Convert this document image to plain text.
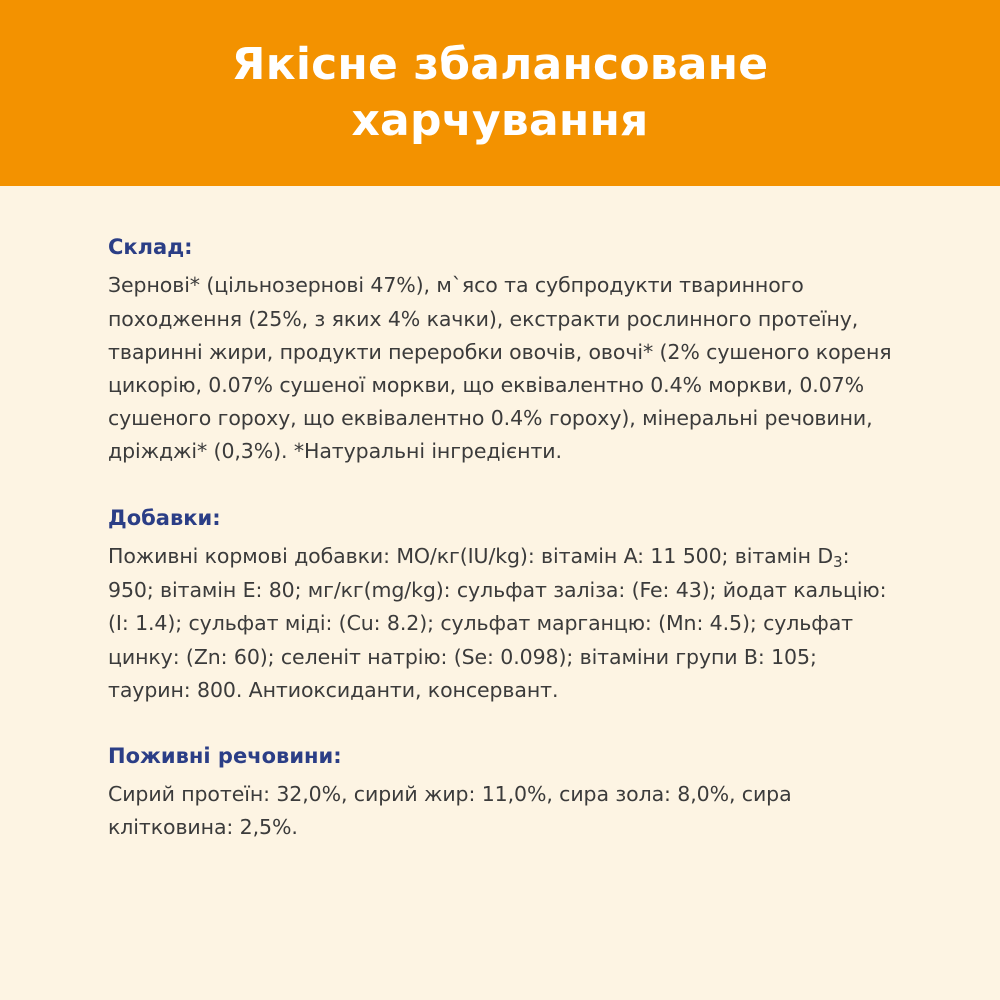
Якісне збалансоване харчування
Склад:

Зернові* (цільнозернові 47%), м`ясо та субпродукти тваринного походження (25%, з яких 4% качки), екстракти рослинного протеїну, тваринні жири, продукти переробки овочів, овочі* (2% сушеного кореня цикорію, 0.07% сушеної моркви, що еквівалентно 0.4% моркви, 0.07% сушеного гороху, що еквівалентно 0.4% гороху), мінеральні речовини, дріжджі* (0,3%). *Натуральні інгредієнти.

Добавки:

Поживні кормові добавки: МО/кг(IU/kg): вітамін A: 11 500; вітамін $D_3$: 950; вітамін E: 80; мг/кг(mg/kg): сульфат заліза: (Fe: 43); йодат кальцію: (I: 1.4); сульфат міді: (Cu: 8.2); сульфат марганцю: (Mn: 4.5); сульфат цинку: (Zn: 60); селеніт натрію: (Se: 0.098); вітаміни групи B: 105; таурин: 800. Антиоксиданти, консервант.

Поживні речовини:

Сирий протеїн: 32,0%, сирий жир: 11,0%, сира зола: 8,0%, сира клітковина: 2,5%.
